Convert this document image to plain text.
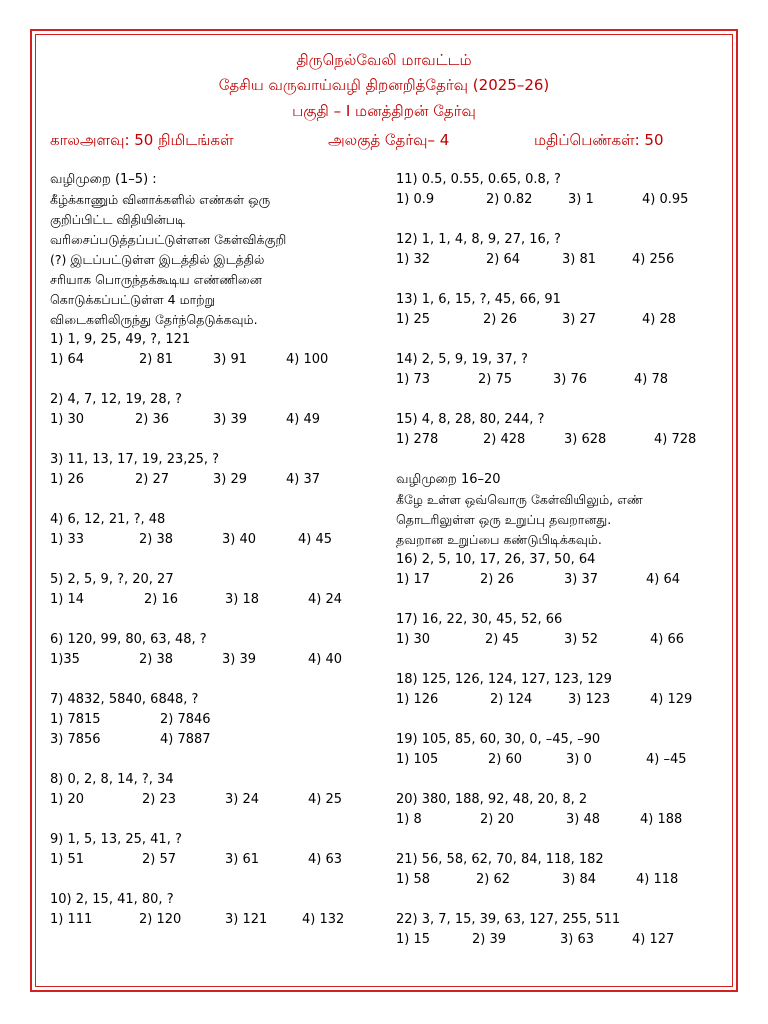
திருநெல்வேலி மாவட்டம்
தேசிய வருவாய்வழி திறனறித்தேர்வு (2025–26)
பகுதி – I மனத்திறன் தேர்வு
காலஅளவு: 50 நிமிடங்கள்	அலகுத் தேர்வு– 4	மதிப்பெண்கள்: 50
வழிமுறை (1–5) :
கீழ்க்காணும் வினாக்களில் எண்கள் ஒரு
குறிப்பிட்ட விதியின்படி
வரிசைப்படுத்தப்பட்டுள்ளன கேள்விக்குறி
(?) இடப்பட்டுள்ள இடத்தில் இடத்தில்
சரியாக பொருந்தக்கூடிய எண்ணினை
கொடுக்கப்பட்டுள்ள 4 மாற்று
விடைகளிலிருந்து தேர்ந்தெடுக்கவும்.
1) 1, 9, 25, 49, ?, 121
1) 64	2) 81	3) 91	4) 100
2) 4, 7, 12, 19, 28, ?
1) 30	2) 36	3) 39	4) 49
3) 11, 13, 17, 19, 23,25, ?
1) 26	2) 27	3) 29	4) 37
4) 6, 12, 21, ?, 48
1) 33	2) 38	3) 40	4) 45
5) 2, 5, 9, ?, 20, 27
1) 14	2) 16	3) 18	4) 24
6) 120, 99, 80, 63, 48, ?
1)35	2) 38	3) 39	4) 40
7) 4832, 5840, 6848, ?
1) 7815	2) 7846
3) 7856	4) 7887
8) 0, 2, 8, 14, ?, 34
1) 20	2) 23	3) 24	4) 25
9) 1, 5, 13, 25, 41, ?
1) 51	2) 57	3) 61	4) 63
10) 2, 15, 41, 80, ?
1) 111	2) 120	3) 121	4) 132
11) 0.5, 0.55, 0.65, 0.8, ?
1) 0.9	2) 0.82	3) 1	4) 0.95
12) 1, 1, 4, 8, 9, 27, 16, ?
1) 32	2) 64	3) 81	4) 256
13) 1, 6, 15, ?, 45, 66, 91
1) 25	2) 26	3) 27	4) 28
14) 2, 5, 9, 19, 37, ?
1) 73	2) 75	3) 76	4) 78
15) 4, 8, 28, 80, 244, ?
1) 278	2) 428	3) 628	4) 728
வழிமுறை 16–20
கீழே உள்ள ஒவ்வொரு கேள்வியிலும், எண்
தொடரிலுள்ள ஒரு உறுப்பு தவறானது.
தவறான உறுப்பை கண்டுபிடிக்கவும்.
16) 2, 5, 10, 17, 26, 37, 50, 64
1) 17	2) 26	3) 37	4) 64
17) 16, 22, 30, 45, 52, 66
1) 30	2) 45	3) 52	4) 66
18) 125, 126, 124, 127, 123, 129
1) 126	2) 124	3) 123	4) 129
19) 105, 85, 60, 30, 0, –45, –90
1) 105	2) 60	3) 0	4) –45
20) 380, 188, 92, 48, 20, 8, 2
1) 8	2) 20	3) 48	4) 188
21) 56, 58, 62, 70, 84, 118, 182
1) 58	2) 62	3) 84	4) 118
22) 3, 7, 15, 39, 63, 127, 255, 511
1) 15	2) 39	3) 63	4) 127
